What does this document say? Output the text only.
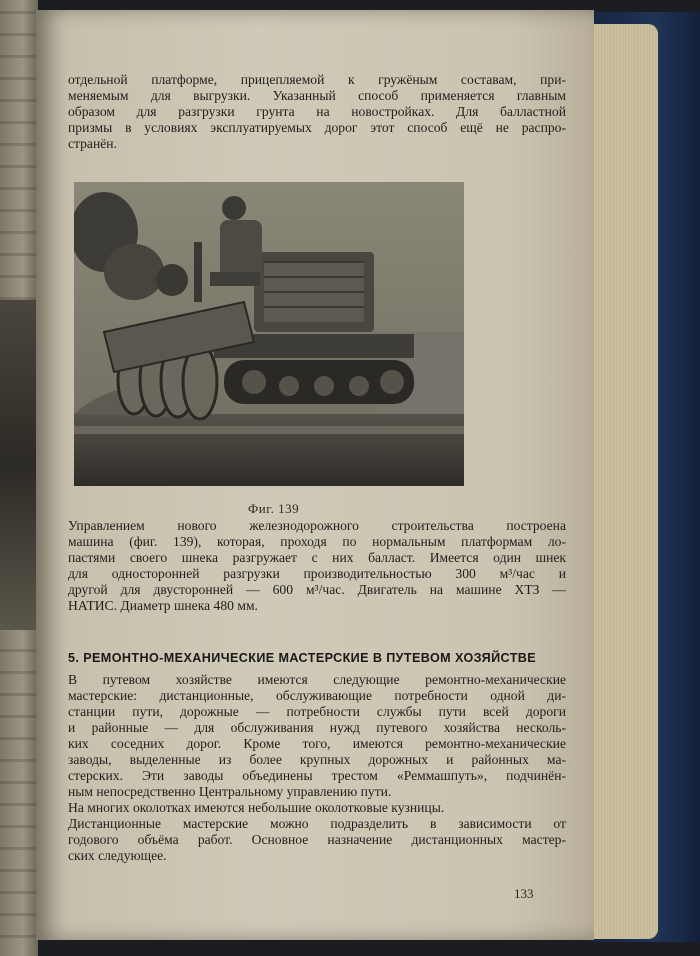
отдельной платформе, прицепляемой к гружёным составам, при-
меняемым для выгрузки. Указанный способ применяется главным
образом для разгрузки грунта на новостройках. Для балластной
призмы в условиях эксплуатируемых дорог этот способ ещё не распро-
странён.

Фиг. 139

Управлением нового железнодорожного строительства построена
машина (фиг. 139), которая, проходя по нормальным платформам ло-
пастями своего шнека разгружает с них балласт. Имеется один шнек
для односторонней разгрузки производительностью 300 м³/час и
другой для двусторонней — 600 м³/час. Двигатель на машине ХТЗ —
НАТИС. Диаметр шнека 480 мм.

5. РЕМОНТНО-МЕХАНИЧЕСКИЕ МАСТЕРСКИЕ В ПУТЕВОМ ХОЗЯЙСТВЕ

В путевом хозяйстве имеются следующие ремонтно-механические
мастерские: дистанционные, обслуживающие потребности одной ди-
станции пути, дорожные — потребности службы пути всей дороги
и районные — для обслуживания нужд путевого хозяйства несколь-
ких соседних дорог. Кроме того, имеются ремонтно-механические
заводы, выделенные из более крупных дорожных и районных ма-
стерских. Эти заводы объединены трестом «Реммашпуть», подчинён-
ным непосредственно Центральному управлению пути.
На многих околотках имеются небольшие околотковые кузницы.
Дистанционные мастерские можно подразделить в зависимости от
годового объёма работ. Основное назначение дистанционных мастер-
ских следующее.

133
